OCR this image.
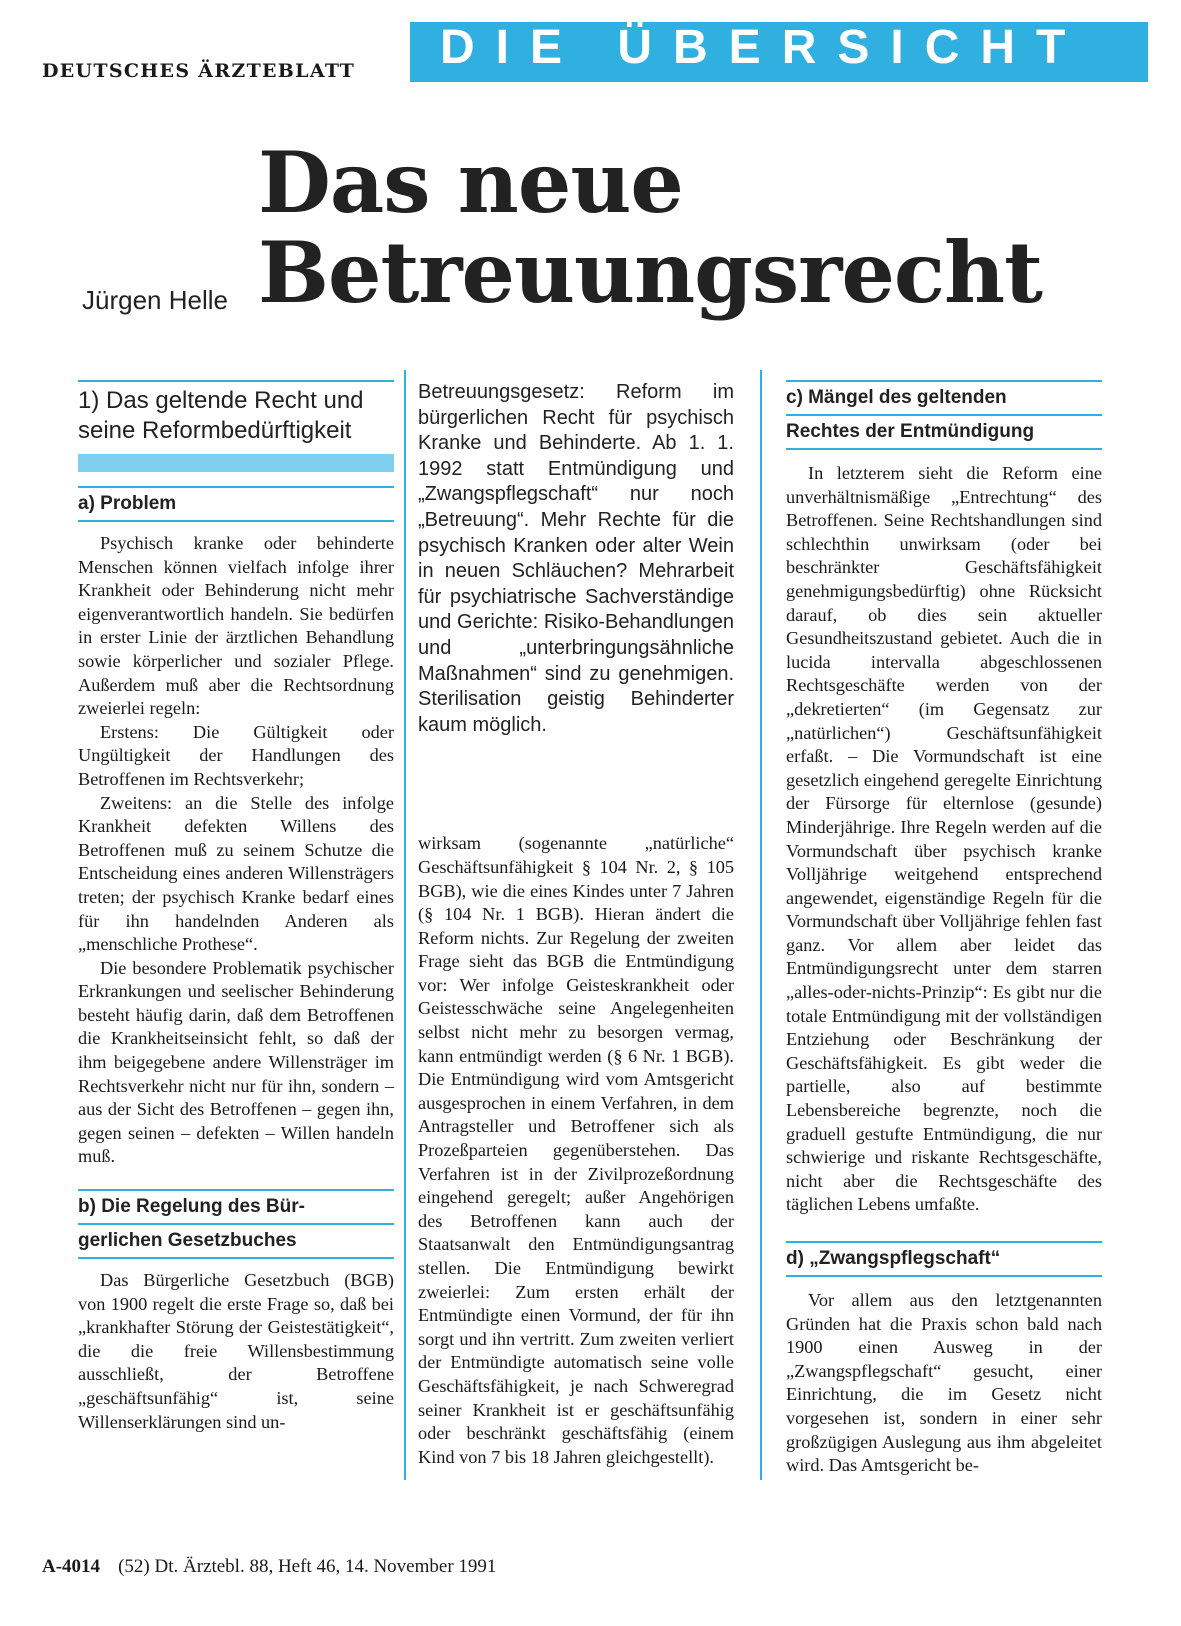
DIE ÜBERSICHT
DEUTSCHES ÄRZTEBLATT
Das neue
Betreuungsrecht
Jürgen Helle
1) Das geltende Recht und seine Reformbedürftigkeit
a) Problem

Psychisch kranke oder behinderte Menschen können vielfach infolge ihrer Krankheit oder Behinderung nicht mehr eigenverantwortlich handeln. Sie bedürfen in erster Linie der ärztlichen Behandlung sowie körperlicher und sozialer Pflege. Außerdem muß aber die Rechtsordnung zweierlei regeln:

Erstens: Die Gültigkeit oder Ungültigkeit der Handlungen des Betroffenen im Rechtsverkehr;

Zweitens: an die Stelle des infolge Krankheit defekten Willens des Betroffenen muß zu seinem Schutze die Entscheidung eines anderen Willensträgers treten; der psychisch Kranke bedarf eines für ihn handelnden Anderen als „menschliche Prothese“.

Die besondere Problematik psychischer Erkrankungen und seelischer Behinderung besteht häufig darin, daß dem Betroffenen die Krankheitseinsicht fehlt, so daß der ihm beigegebene andere Willensträger im Rechtsverkehr nicht nur für ihn, sondern – aus der Sicht des Betroffenen – gegen ihn, gegen seinen – defekten – Willen handeln muß.

b) Die Regelung des Bür-
gerlichen Gesetzbuches

Das Bürgerliche Gesetzbuch (BGB) von 1900 regelt die erste Frage so, daß bei „krankhafter Störung der Geistestätigkeit“, die die freie Willensbestimmung ausschließt, der Betroffene „geschäftsunfähig“ ist, seine Willenserklärungen sind un-

Betreuungsgesetz: Reform im bürgerlichen Recht für psychisch Kranke und Behinderte. Ab 1. 1. 1992 statt Entmündigung und „Zwangspflegschaft“ nur noch „Betreuung“. Mehr Rechte für die psychisch Kranken oder alter Wein in neuen Schläuchen? Mehrarbeit für psychiatrische Sachverständige und Gerichte: Risiko-Behandlungen und „unterbringungsähnliche Maßnahmen“ sind zu genehmigen. Sterilisation geistig Behinderter kaum möglich.

wirksam (sogenannte „natürliche“ Geschäftsunfähigkeit § 104 Nr. 2, § 105 BGB), wie die eines Kindes unter 7 Jahren (§ 104 Nr. 1 BGB). Hieran ändert die Reform nichts. Zur Regelung der zweiten Frage sieht das BGB die Entmündigung vor: Wer infolge Geisteskrankheit oder Geistesschwäche seine Angelegenheiten selbst nicht mehr zu besorgen vermag, kann entmündigt werden (§ 6 Nr. 1 BGB). Die Entmündigung wird vom Amtsgericht ausgesprochen in einem Verfahren, in dem Antragsteller und Betroffener sich als Prozeßparteien gegenüberstehen. Das Verfahren ist in der Zivilprozeßordnung eingehend geregelt; außer Angehörigen des Betroffenen kann auch der Staatsanwalt den Entmündigungsantrag stellen. Die Entmündigung bewirkt zweierlei: Zum ersten erhält der Entmündigte einen Vormund, der für ihn sorgt und ihn vertritt. Zum zweiten verliert der Entmündigte automatisch seine volle Geschäftsfähigkeit, je nach Schweregrad seiner Krankheit ist er geschäftsunfähig oder beschränkt geschäftsfähig (einem Kind von 7 bis 18 Jahren gleichgestellt).

c) Mängel des geltenden
Rechtes der Entmündigung

In letzterem sieht die Reform eine unverhältnismäßige „Entrechtung“ des Betroffenen. Seine Rechtshandlungen sind schlechthin unwirksam (oder bei beschränkter Geschäftsfähigkeit genehmigungsbedürftig) ohne Rücksicht darauf, ob dies sein aktueller Gesundheitszustand gebietet. Auch die in lucida intervalla abgeschlossenen Rechtsgeschäfte werden von der „dekretierten“ (im Gegensatz zur „natürlichen“) Geschäftsunfähigkeit erfaßt. – Die Vormundschaft ist eine gesetzlich eingehend geregelte Einrichtung der Fürsorge für elternlose (gesunde) Minderjährige. Ihre Regeln werden auf die Vormundschaft über psychisch kranke Volljährige weitgehend entsprechend angewendet, eigenständige Regeln für die Vormundschaft über Volljährige fehlen fast ganz. Vor allem aber leidet das Entmündigungsrecht unter dem starren „alles-oder-nichts-Prinzip“: Es gibt nur die totale Entmündigung mit der vollständigen Entziehung oder Beschränkung der Geschäftsfähigkeit. Es gibt weder die partielle, also auf bestimmte Lebensbereiche begrenzte, noch die graduell gestufte Entmündigung, die nur schwierige und riskante Rechtsgeschäfte, nicht aber die Rechtsgeschäfte des täglichen Lebens umfaßte.

d) „Zwangspflegschaft“

Vor allem aus den letztgenannten Gründen hat die Praxis schon bald nach 1900 einen Ausweg in der „Zwangspflegschaft“ gesucht, einer Einrichtung, die im Gesetz nicht vorgesehen ist, sondern in einer sehr großzügigen Auslegung aus ihm abgeleitet wird. Das Amtsgericht be-

A-4014 (52) Dt. Ärztebl. 88, Heft 46, 14. November 1991
